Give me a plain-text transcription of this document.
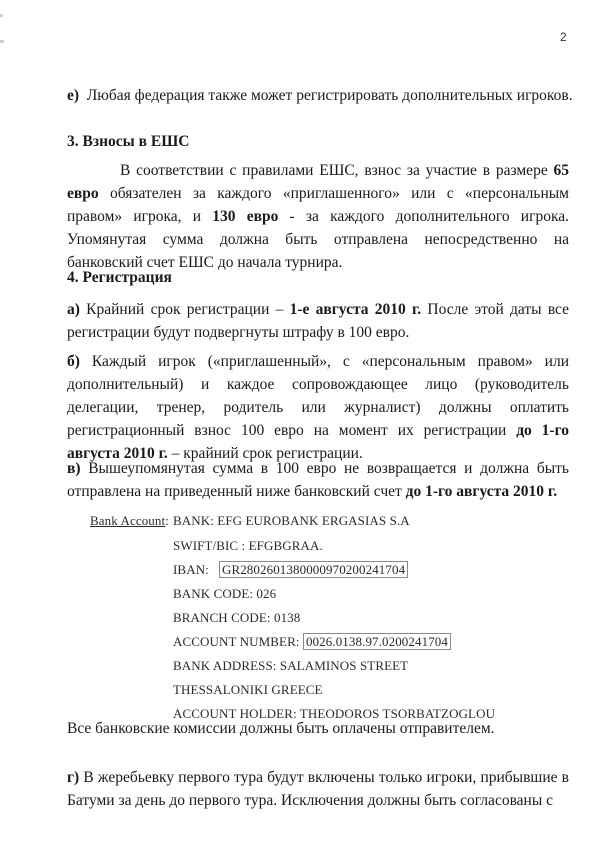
2
е) Любая федерация также может регистрировать дополнительных игроков.
3. Взносы в ЕШС
В соответствии с правилами ЕШС, взнос за участие в размере 65 евро обязателен за каждого «приглашенного» или с «персональным правом» игрока, и 130 евро - за каждого дополнительного игрока. Упомянутая сумма должна быть отправлена непосредственно на банковский счет ЕШС до начала турнира.
4. Регистрация
а) Крайний срок регистрации – 1-е августа 2010 г. После этой даты все регистрации будут подвергнуты штрафу в 100 евро.
б) Каждый игрок («приглашенный», с «персональным правом» или дополнительный) и каждое сопровождающее лицо (руководитель делегации, тренер, родитель или журналист) должны оплатить регистрационный взнос 100 евро на момент их регистрации до 1-го августа 2010 г. – крайний срок регистрации.
в) Вышеупомянутая сумма в 100 евро не возвращается и должна быть отправлена на приведенный ниже банковский счет до 1-го августа 2010 г.
Bank Account: BANK: EFG EUROBANK ERGASIAS S.A
SWIFT/BIC : EFGBGRAA.
IBAN: GR2802601380000970200241704
BANK CODE: 026
BRANCH CODE: 0138
ACCOUNT NUMBER: 0026.0138.97.0200241704
BANK ADDRESS: SALAMINOS STREET
THESSALONIKI GREECE
ACCOUNT HOLDER: THEODOROS TSORBATZOGLOU
Все банковские комиссии должны быть оплачены отправителем.
г) В жеребьевку первого тура будут включены только игроки, прибывшие в Батуми за день до первого тура. Исключения должны быть согласованы с
